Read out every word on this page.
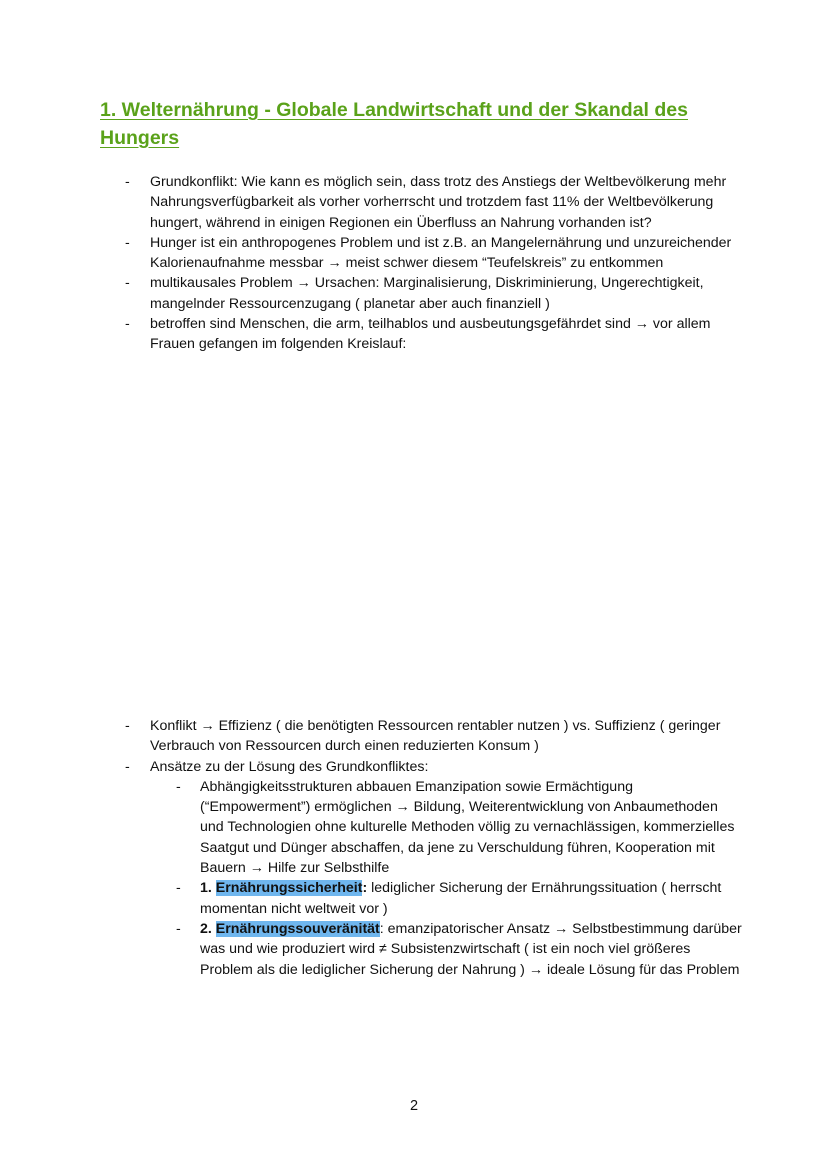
1. Welternährung - Globale Landwirtschaft und der Skandal des Hungers
- Grundkonflikt: Wie kann es möglich sein, dass trotz des Anstiegs der Weltbevölkerung mehr Nahrungsverfügbarkeit als vorher vorherrscht und trotzdem fast 11% der Weltbevölkerung hungert, während in einigen Regionen ein Überfluss an Nahrung vorhanden ist?
- Hunger ist ein anthropogenes Problem und ist z.B. an Mangelernährung und unzureichender Kalorienaufnahme messbar → meist schwer diesem “Teufelskreis” zu entkommen
- multikausales Problem → Ursachen: Marginalisierung, Diskriminierung, Ungerechtigkeit, mangelnder Ressourcenzugang ( planetar aber auch finanziell )
- betroffen sind Menschen, die arm, teilhablos und ausbeutungsgefährdet sind → vor allem Frauen gefangen im folgenden Kreislauf:
- Konflikt → Effizienz ( die benötigten Ressourcen rentabler nutzen ) vs. Suffizienz ( geringer Verbrauch von Ressourcen durch einen reduzierten Konsum )
- Ansätze zu der Lösung des Grundkonfliktes:
- Abhängigkeitsstrukturen abbauen Emanzipation sowie Ermächtigung (“Empowerment”) ermöglichen → Bildung, Weiterentwicklung von Anbaumethoden und Technologien ohne kulturelle Methoden völlig zu vernachlässigen, kommerzielles Saatgut und Dünger abschaffen, da jene zu Verschuldung führen, Kooperation mit Bauern → Hilfe zur Selbsthilfe
- 1. Ernährungssicherheit: lediglicher Sicherung der Ernährungssituation ( herrscht momentan nicht weltweit vor )
- 2. Ernährungssouveränität: emanzipatorischer Ansatz → Selbstbestimmung darüber was und wie produziert wird ≠ Subsistenzwirtschaft ( ist ein noch viel größeres Problem als die lediglicher Sicherung der Nahrung ) → ideale Lösung für das Problem
2
